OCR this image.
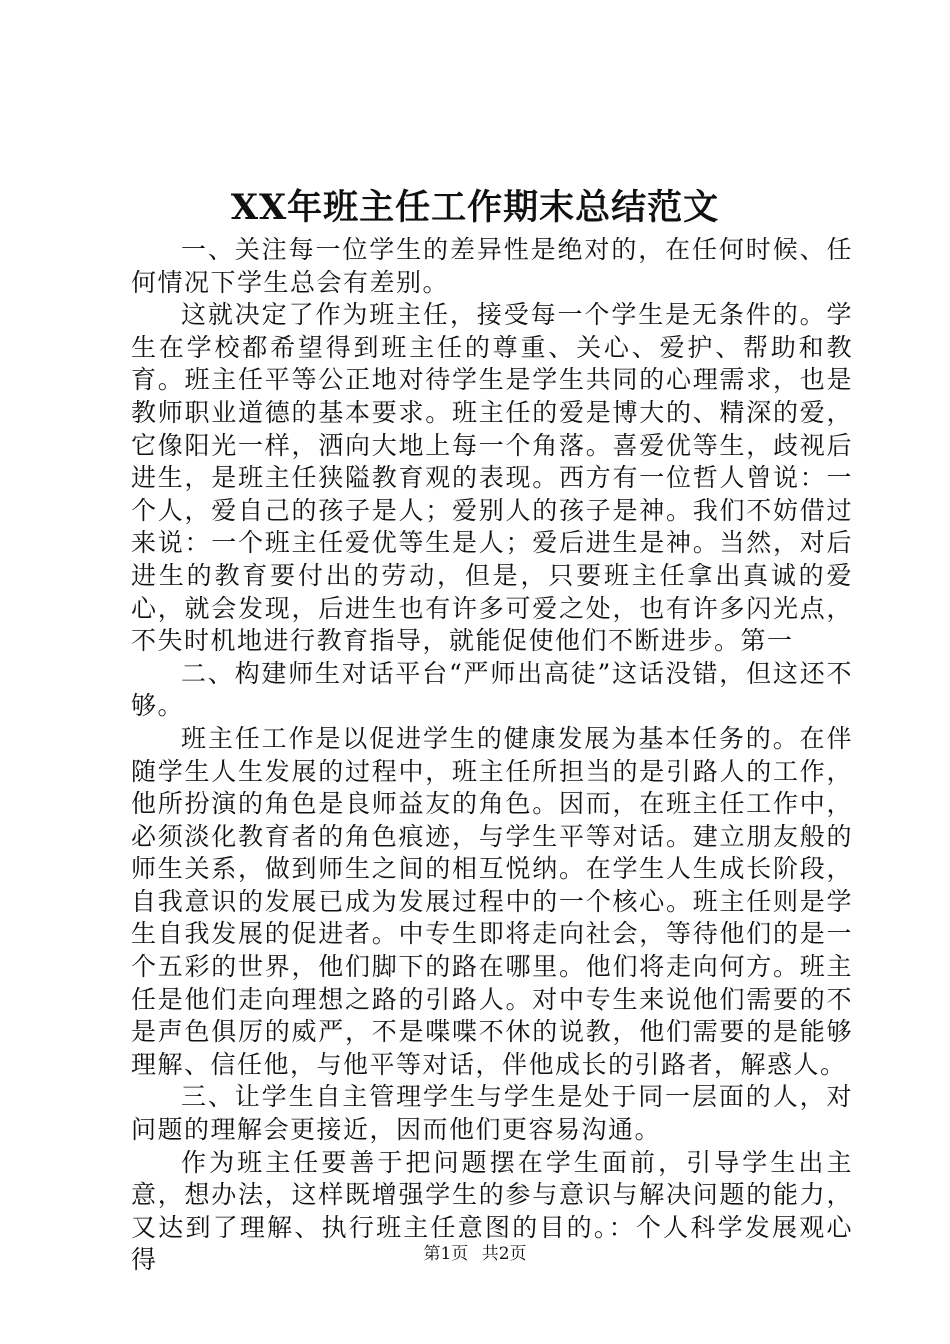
XX年班主任工作期末总结范文

一、关注每一位学生的差异性是绝对的，在任何时候、任何情况下学生总会有差别。

这就决定了作为班主任，接受每一个学生是无条件的。学生在学校都希望得到班主任的尊重、关心、爱护、帮助和教育。班主任平等公正地对待学生是学生共同的心理需求，也是教师职业道德的基本要求。班主任的爱是博大的、精深的爱，它像阳光一样，洒向大地上每一个角落。喜爱优等生，歧视后进生，是班主任狭隘教育观的表现。西方有一位哲人曾说：一个人，爱自己的孩子是人；爱别人的孩子是神。我们不妨借过来说：一个班主任爱优等生是人；爱后进生是神。当然，对后进生的教育要付出的劳动，但是，只要班主任拿出真诚的爱心，就会发现，后进生也有许多可爱之处，也有许多闪光点，不失时机地进行教育指导，就能促使他们不断进步。第一

二、构建师生对话平台“严师出高徒”这话没错，但这还不够。

班主任工作是以促进学生的健康发展为基本任务的。在伴随学生人生发展的过程中，班主任所担当的是引路人的工作，他所扮演的角色是良师益友的角色。因而，在班主任工作中，必须淡化教育者的角色痕迹，与学生平等对话。建立朋友般的师生关系，做到师生之间的相互悦纳。在学生人生成长阶段，自我意识的发展已成为发展过程中的一个核心。班主任则是学生自我发展的促进者。中专生即将走向社会，等待他们的是一个五彩的世界，他们脚下的路在哪里。他们将走向何方。班主任是他们走向理想之路的引路人。对中专生来说他们需要的不是声色俱厉的威严，不是喋喋不休的说教，他们需要的是能够理解、信任他，与他平等对话，伴他成长的引路者，解惑人。

三、让学生自主管理学生与学生是处于同一层面的人，对问题的理解会更接近，因而他们更容易沟通。

作为班主任要善于把问题摆在学生面前，引导学生出主意，想办法，这样既增强学生的参与意识与解决问题的能力，又达到了理解、执行班主任意图的目的。：个人科学发展观心得	第1页 共2页
